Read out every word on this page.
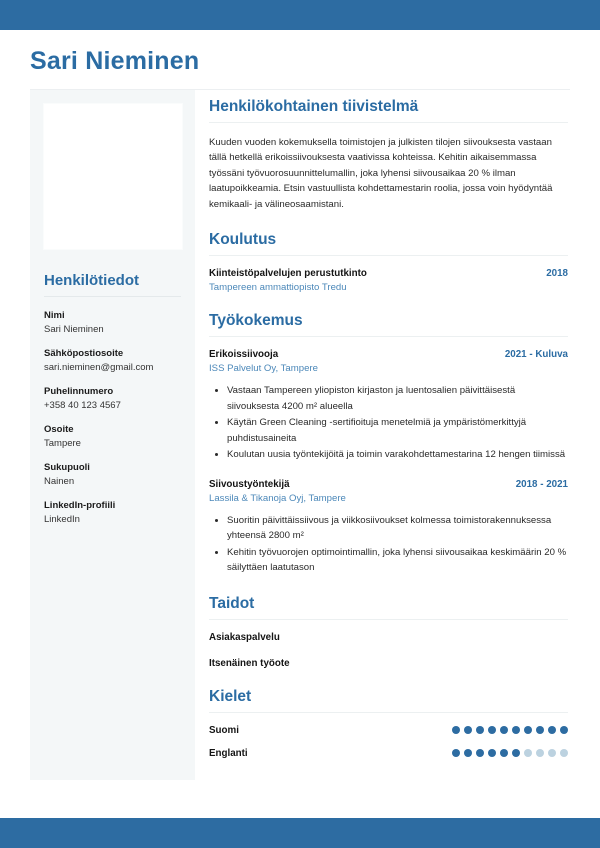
Sari Nieminen
Henkilötiedot
Nimi
Sari Nieminen
Sähköpostiosoite
sari.nieminen@gmail.com
Puhelinnumero
+358 40 123 4567
Osoite
Tampere
Sukupuoli
Nainen
LinkedIn-profiili
LinkedIn
Henkilökohtainen tiivistelmä

Kuuden vuoden kokemuksella toimistojen ja julkisten tilojen siivouksesta vastaan tällä hetkellä erikoissiivouksesta vaativissa kohteissa. Kehitin aikaisemmassa työssäni työvuorosuunnittelumallin, joka lyhensi siivousaikaa 20 % ilman laatupoikkeamia. Etsin vastuullista kohdettamestarin roolia, jossa voin hyödyntää kemikaali- ja välineosaamistani.

Koulutus
Kiinteistöpalvelujen perustutkinto	2018
Tampereen ammattiopisto Tredu
Työkokemus
Erikoissiivooja	2021 - Kuluva
ISS Palvelut Oy, Tampere
• Vastaan Tampereen yliopiston kirjaston ja luentosalien päivittäisestä siivouksesta 4200 m² alueella
• Käytän Green Cleaning -sertifioituja menetelmiä ja ympäristömerkittyjä puhdistusaineita
• Koulutan uusia työntekijöitä ja toimin varakohdettamestarina 12 hengen tiimissä
Siivoustyöntekijä	2018 - 2021
Lassila & Tikanoja Oyj, Tampere
• Suoritin päivittäissiivous ja viikkosiivoukset kolmessa toimistorakennuksessa yhteensä 2800 m²
• Kehitin työvuorojen optimointimallin, joka lyhensi siivousaikaa keskimäärin 20 % säilyttäen laatutason
Taidot
Asiakaspalvelu
Itsenäinen työote
Kielet
Suomi
Englanti
